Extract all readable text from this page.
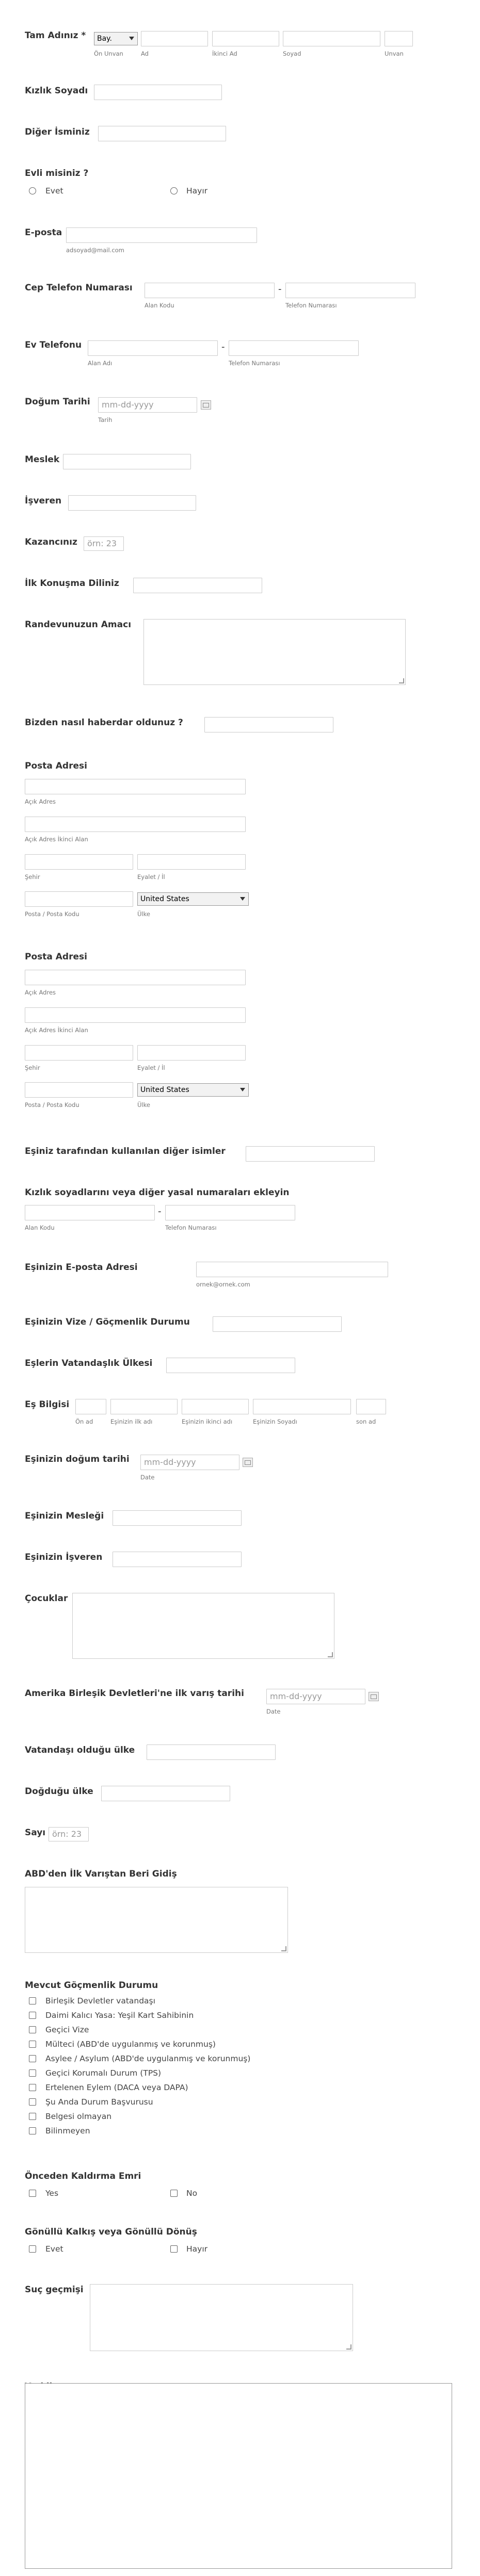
Tam Adınız *	Bay.
Ön Unvan	Ad	İkinci Ad	Soyad	Unvan
Kızlık Soyadı
Diğer İsminiz
Evli misiniz ?
Evet	Hayır
E-posta
adsoyad@mail.com
Cep Telefon Numarası	-
Alan Kodu	Telefon Numarası
Ev Telefonu	-
Alan Adı	Telefon Numarası
Doğum Tarihi	mm-dd-yyyy
Tarih
Meslek
İşveren
Kazancınız	örn: 23
İlk Konuşma Diliniz
Randevunuzun Amacı
Bizden nasıl haberdar oldunuz ?
Posta Adresi
Açık Adres
Açık Adres İkinci Alan
Şehir	Eyalet / İl
Posta / Posta Kodu
United States
Ülke
Posta Adresi
Açık Adres
Açık Adres İkinci Alan
Şehir	Eyalet / İl
Posta / Posta Kodu
United States
Ülke
Eşiniz tarafından kullanılan diğer isimler
Kızlık soyadlarını veya diğer yasal numaraları ekleyin
-
Alan Kodu	Telefon Numarası
Eşinizin E-posta Adresi
ornek@ornek.com
Eşinizin Vize / Göçmenlik Durumu
Eşlerin Vatandaşlık Ülkesi
Eş Bilgisi
Ön ad	Eşinizin ilk adı	Eşinizin ikinci adı	Eşinizin Soyadı	son ad
Eşinizin doğum tarihi	mm-dd-yyyy
Date
Eşinizin Mesleği
Eşinizin İşveren
Çocuklar
Amerika Birleşik Devletleri'ne ilk varış tarihi	mm-dd-yyyy
Date
Vatandaşı olduğu ülke
Doğduğu ülke
Sayı örn: 23
ABD'den İlk Varıştan Beri Gidiş
Mevcut Göçmenlik Durumu
Birleşik Devletler vatandaşı
Daimi Kalıcı Yasa: Yeşil Kart Sahibinin
Geçici Vize
Mülteci (ABD'de uygulanmış ve korunmuş)
Asylee / Asylum (ABD'de uygulanmış ve korunmuş)
Geçici Korumalı Durum (TPS)
Ertelenen Eylem (DACA veya DAPA)
Şu Anda Durum Başvurusu
Belgesi olmayan
Bilinmeyen
Önceden Kaldırma Emri
Yes	No
Gönüllü Kalkış veya Gönüllü Dönüş
Evet	Hayır
Suç geçmişi
